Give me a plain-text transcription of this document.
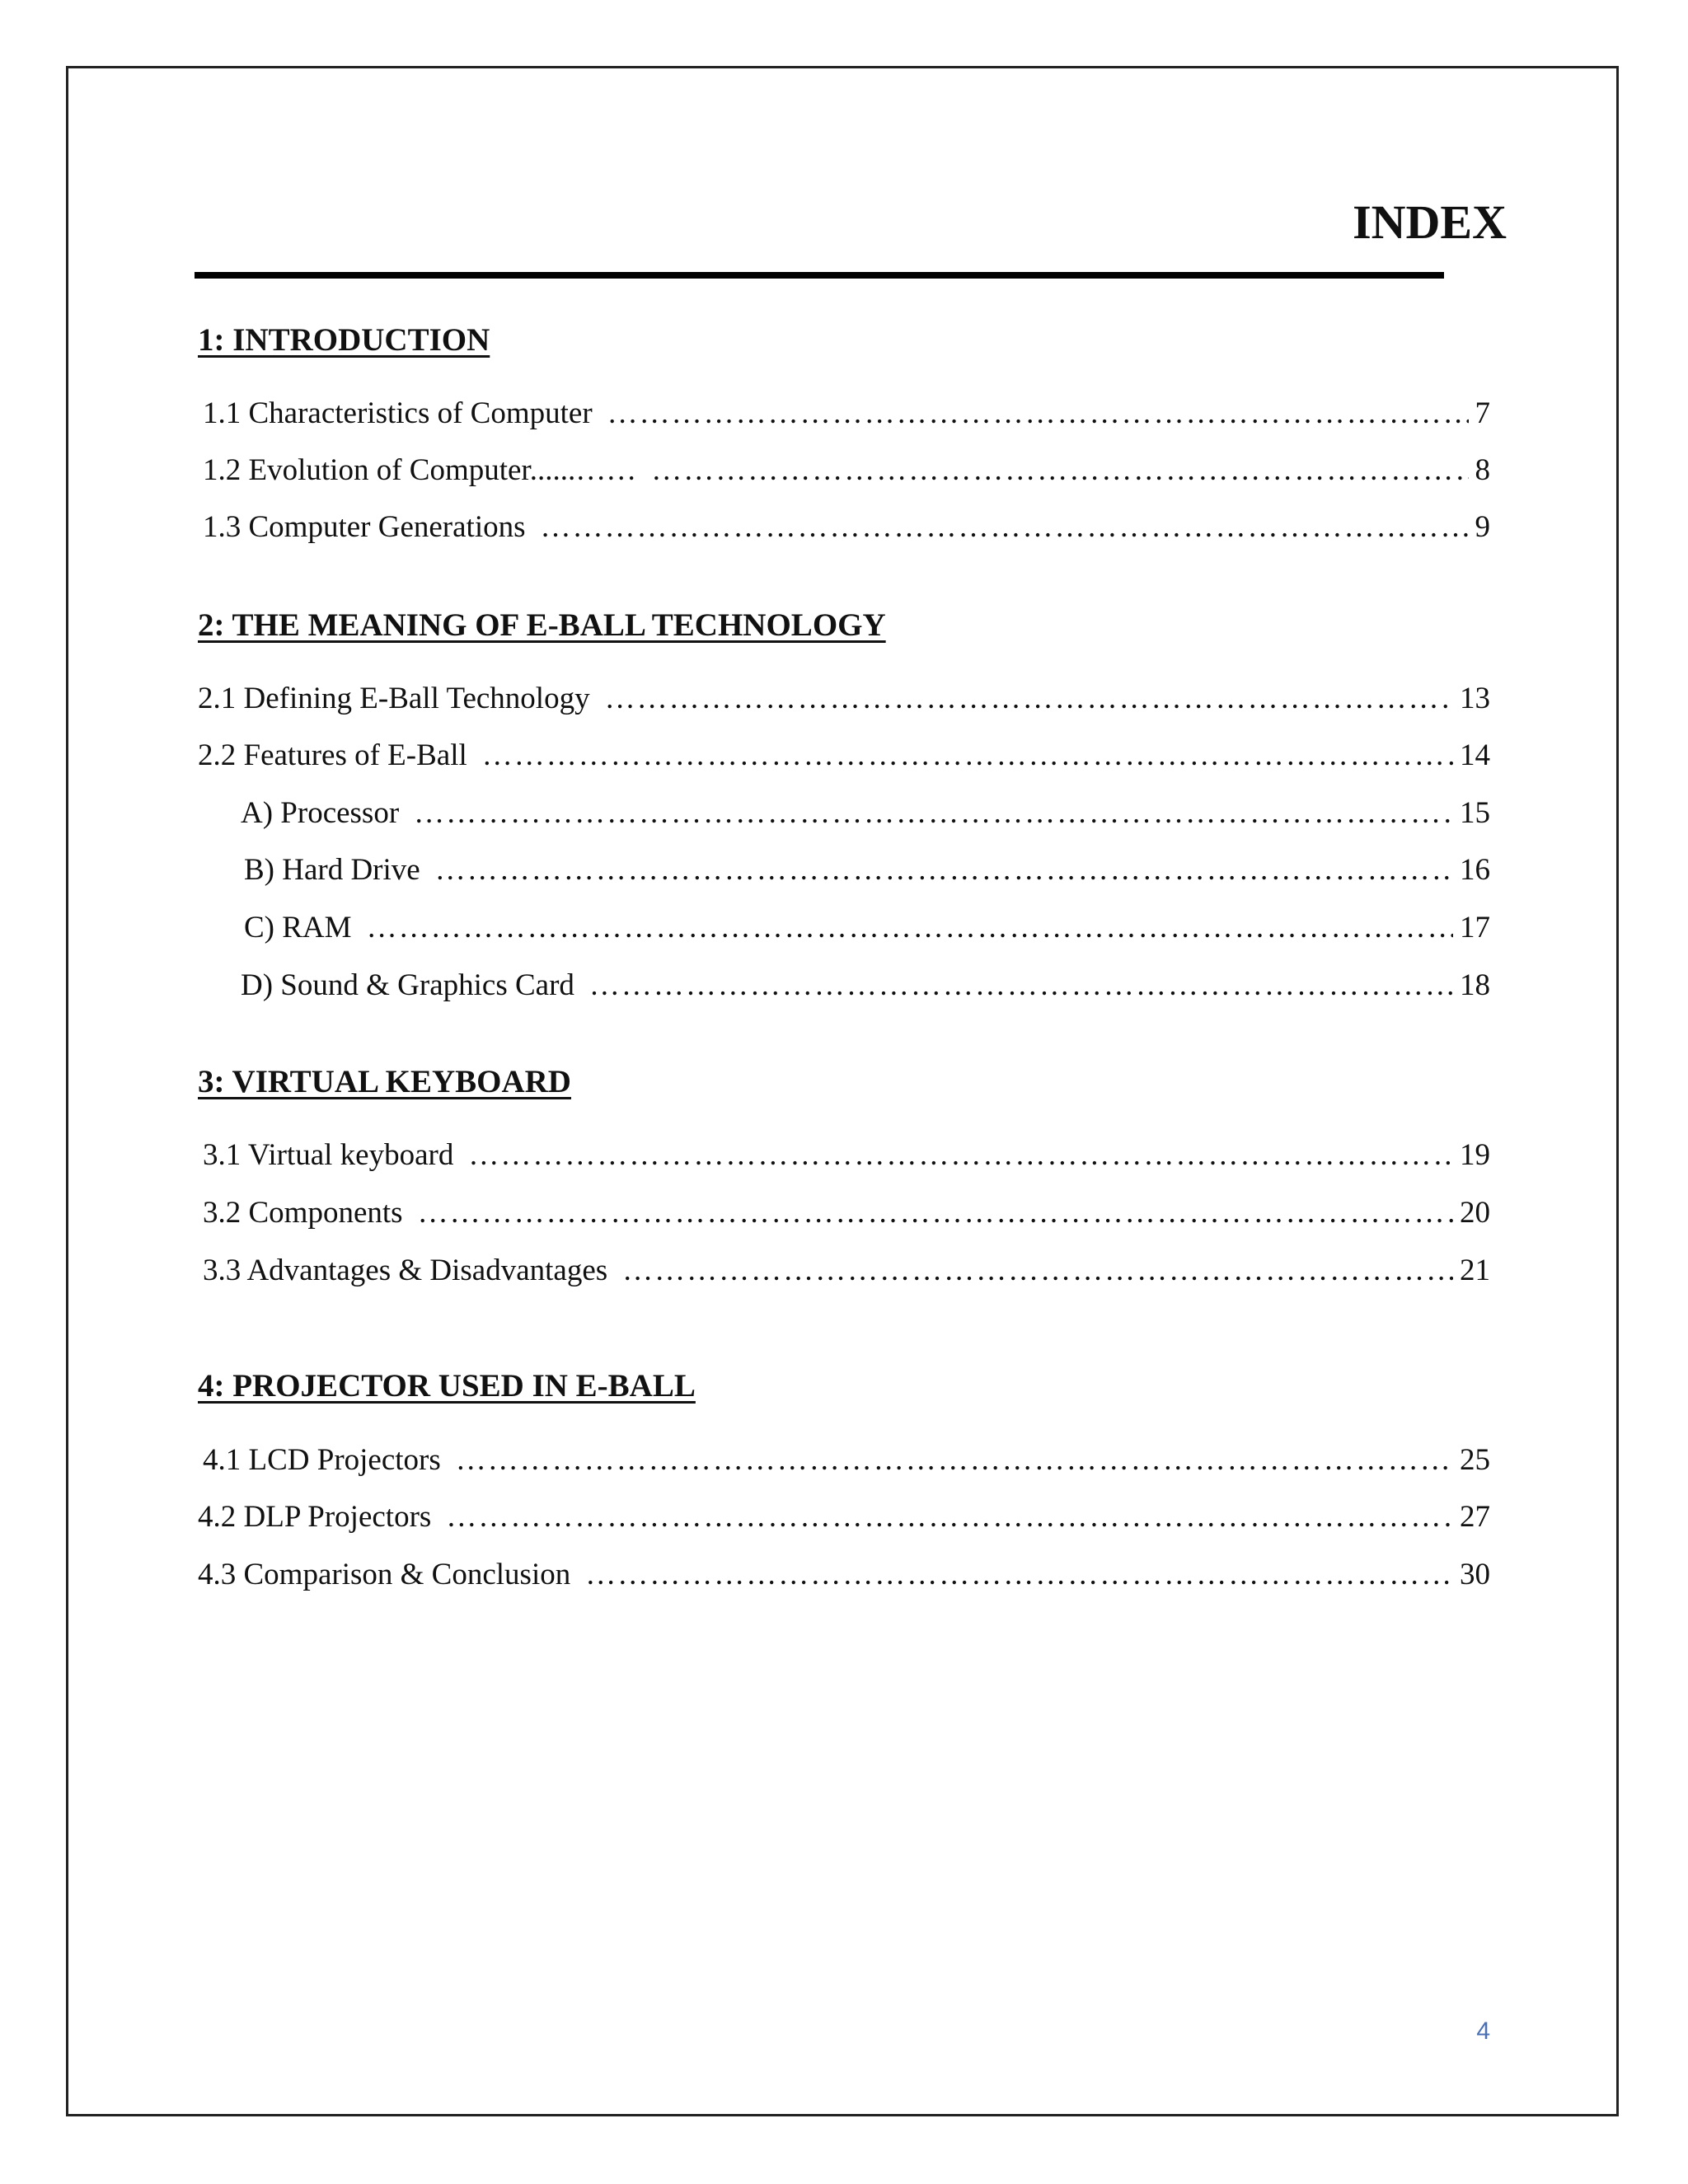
INDEX
1: INTRODUCTION
1.1 Characteristics of Computer …………………………………………………………………………………………………………………………………………………	7
1.2 Evolution of Computer......…… …………………………………………………………………………………………………………………………………………………	8
1.3 Computer Generations …………………………………………………………………………………………………………………………………………………	9
2: THE MEANING OF E-BALL TECHNOLOGY
2.1 Defining E-Ball Technology …………………………………………………………………………………………………………………………………………………	13
2.2 Features of E-Ball …………………………………………………………………………………………………………………………………………………	14
A) Processor …………………………………………………………………………………………………………………………………………………	15
B) Hard Drive …………………………………………………………………………………………………………………………………………………	16
C) RAM …………………………………………………………………………………………………………………………………………………	17
D) Sound & Graphics Card …………………………………………………………………………………………………………………………………………………	18
3: VIRTUAL KEYBOARD
3.1 Virtual keyboard …………………………………………………………………………………………………………………………………………………	19
3.2 Components …………………………………………………………………………………………………………………………………………………	20
3.3 Advantages & Disadvantages …………………………………………………………………………………………………………………………………………………	21
4: PROJECTOR USED IN E-BALL
4.1 LCD Projectors …………………………………………………………………………………………………………………………………………………	25
4.2 DLP Projectors …………………………………………………………………………………………………………………………………………………	27
4.3 Comparison & Conclusion …………………………………………………………………………………………………………………………………………………	30
4
